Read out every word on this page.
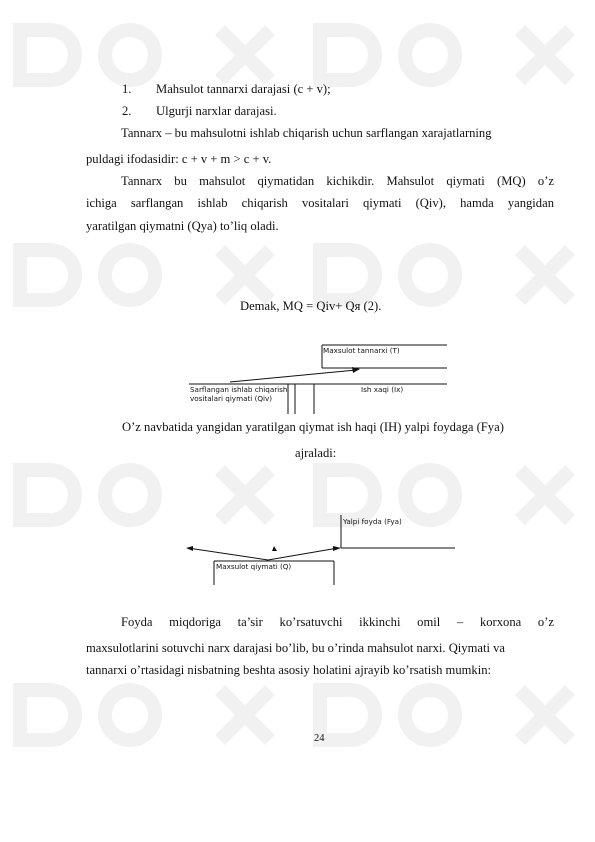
1. Mahsulot tannarxi darajasi (c + v);
2. Ulgurji narxlar darajasi.
Tannarx – bu mahsulotni ishlab chiqarish uchun sarflangan xarajatlarning
puldagi ifodasidir: c + v + m > c + v.
Tannarx bu mahsulot qiymatidan kichikdir. Mahsulot qiymati (MQ) o’z
ichiga sarflangan ishlab chiqarish vositalari qiymati (Qiv), hamda yangidan
yaratilgan qiymatni (Qya) to’liq oladi.
Demak, MQ = Qiv+ Qя (2).
Maxsulot tannarxi (T)
Sarflangan ishlab chiqarish
vositalari qiymati (Qiv)
Ish xaqi (Ix)
O’z navbatida yangidan yaratilgan qiymat ish haqi (IH) yalpi foydaga (Fya)
ajraladi:
Yalpi foyda (Fya)
Maxsulot qiymati (Q)
Foyda miqdoriga ta’sir ko’rsatuvchi ikkinchi omil – korxona o’z
maxsulotlarini sotuvchi narx darajasi bo’lib, bu o’rinda mahsulot narxi. Qiymati va
tannarxi o’rtasidagi nisbatning beshta asosiy holatini ajrayib ko’rsatish mumkin:
24
